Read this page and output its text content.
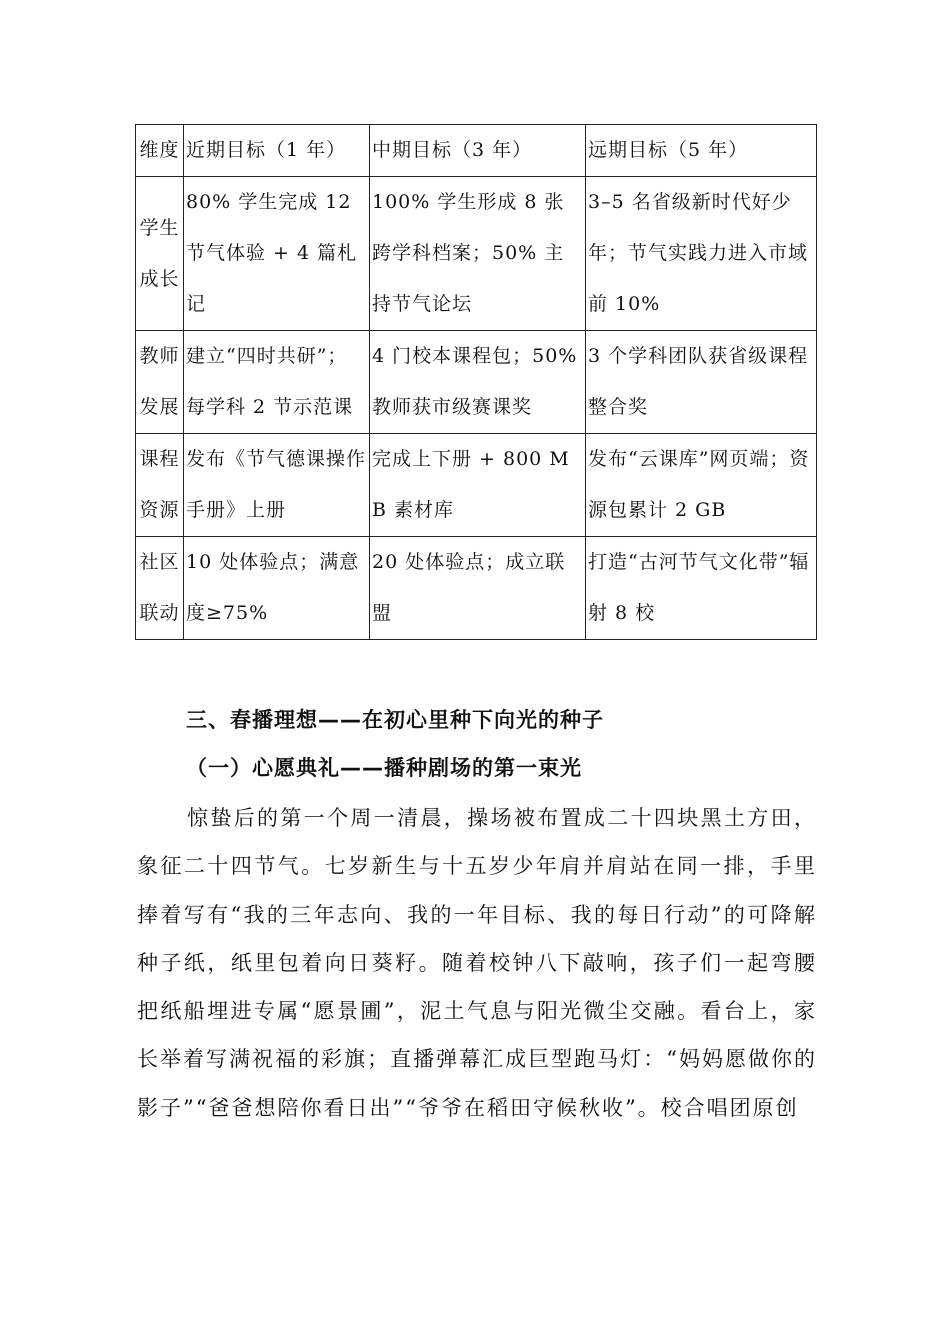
维度	近期目标（1 年）	中期目标（3 年）	远期目标（5 年）
学生成长	80% 学生完成 12 节气体验 + 4 篇札记	100% 学生形成 8 张跨学科档案；50% 主持节气论坛	3–5 名省级新时代好少年；节气实践力进入市域前 10%
教师发展	建立“四时共研”；每学科 2 节示范课	4 门校本课程包；50% 教师获市级赛课奖	3 个学科团队获省级课程整合奖
课程资源	发布《节气德课操作手册》上册	完成上下册 + 800 MB 素材库	发布“云课库”网页端；资源包累计 2 GB
社区联动	10 处体验点；满意度≥75%	20 处体验点；成立联盟	打造“古河节气文化带”辐射 8 校
三、春播理想——在初心里种下向光的种子
（一）心愿典礼——播种剧场的第一束光

惊蛰后的第一个周一清晨，操场被布置成二十四块黑土方田，象征二十四节气。七岁新生与十五岁少年肩并肩站在同一排，手里捧着写有“我的三年志向、我的一年目标、我的每日行动”的可降解种子纸，纸里包着向日葵籽。随着校钟八下敲响，孩子们一起弯腰把纸船埋进专属“愿景圃”，泥土气息与阳光微尘交融。看台上，家长举着写满祝福的彩旗；直播弹幕汇成巨型跑马灯：“妈妈愿做你的影子”“爸爸想陪你看日出”“爷爷在稻田守候秋收”。校合唱团原创
